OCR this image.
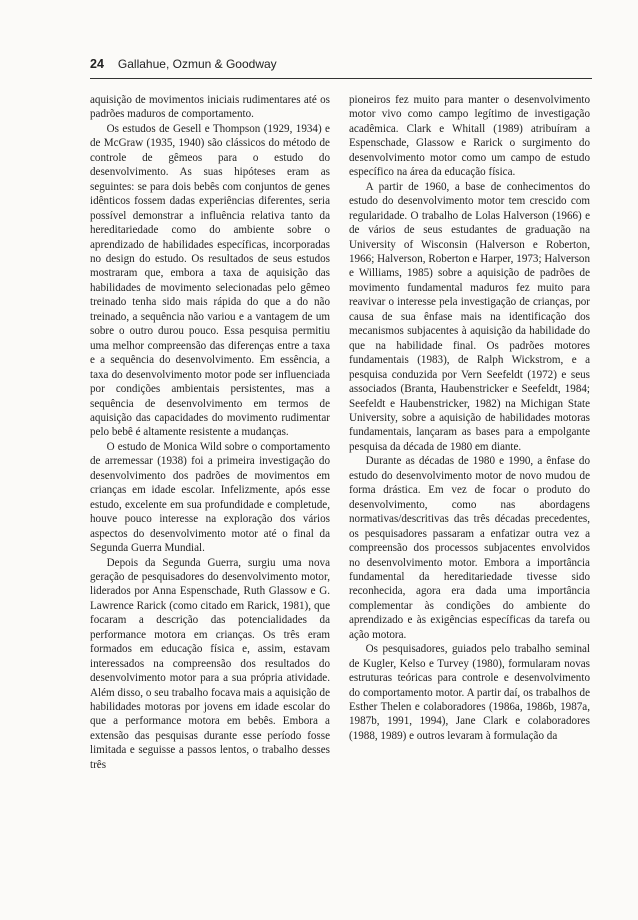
24 Gallahue, Ozmun & Goodway

aquisição de movimentos iniciais rudimentares até os padrões maduros de comportamento.

Os estudos de Gesell e Thompson (1929, 1934) e de McGraw (1935, 1940) são clássicos do método de controle de gêmeos para o estudo do desenvolvimento. As suas hipóteses eram as seguintes: se para dois bebês com conjuntos de genes idênticos fossem dadas experiências diferentes, seria possível demonstrar a influência relativa tanto da hereditariedade como do ambiente sobre o aprendizado de habilidades específicas, incorporadas no design do estudo. Os resultados de seus estudos mostraram que, embora a taxa de aquisição das habilidades de movimento selecionadas pelo gêmeo treinado tenha sido mais rápida do que a do não treinado, a sequência não variou e a vantagem de um sobre o outro durou pouco. Essa pesquisa permitiu uma melhor compreensão das diferenças entre a taxa e a sequência do desenvolvimento. Em essência, a taxa do desenvolvimento motor pode ser influenciada por condições ambientais persistentes, mas a sequência de desenvolvimento em termos de aquisição das capacidades do movimento rudimentar pelo bebê é altamente resistente a mudanças.

O estudo de Monica Wild sobre o comportamento de arremessar (1938) foi a primeira investigação do desenvolvimento dos padrões de movimentos em crianças em idade escolar. Infelizmente, após esse estudo, excelente em sua profundidade e completude, houve pouco interesse na exploração dos vários aspectos do desenvolvimento motor até o final da Segunda Guerra Mundial.

Depois da Segunda Guerra, surgiu uma nova geração de pesquisadores do desenvolvimento motor, liderados por Anna Espenschade, Ruth Glassow e G. Lawrence Rarick (como citado em Rarick, 1981), que focaram a descrição das potencialidades da performance motora em crianças. Os três eram formados em educação física e, assim, estavam interessados na compreensão dos resultados do desenvolvimento motor para a sua própria atividade. Além disso, o seu trabalho focava mais a aquisição de habilidades motoras por jovens em idade escolar do que a performance motora em bebês. Embora a extensão das pesquisas durante esse período fosse limitada e seguisse a passos lentos, o trabalho desses três

pioneiros fez muito para manter o desenvolvimento motor vivo como campo legítimo de investigação acadêmica. Clark e Whitall (1989) atribuíram a Espenschade, Glassow e Rarick o surgimento do desenvolvimento motor como um campo de estudo específico na área da educação física.

A partir de 1960, a base de conhecimentos do estudo do desenvolvimento motor tem crescido com regularidade. O trabalho de Lolas Halverson (1966) e de vários de seus estudantes de graduação na University of Wisconsin (Halverson e Roberton, 1966; Halverson, Roberton e Harper, 1973; Halverson e Williams, 1985) sobre a aquisição de padrões de movimento fundamental maduros fez muito para reavivar o interesse pela investigação de crianças, por causa de sua ênfase mais na identificação dos mecanismos subjacentes à aquisição da habilidade do que na habilidade final. Os padrões motores fundamentais (1983), de Ralph Wickstrom, e a pesquisa conduzida por Vern Seefeldt (1972) e seus associados (Branta, Haubenstricker e Seefeldt, 1984; Seefeldt e Haubenstricker, 1982) na Michigan State University, sobre a aquisição de habilidades motoras fundamentais, lançaram as bases para a empolgante pesquisa da década de 1980 em diante.

Durante as décadas de 1980 e 1990, a ênfase do estudo do desenvolvimento motor de novo mudou de forma drástica. Em vez de focar o produto do desenvolvimento, como nas abordagens normativas/descritivas das três décadas precedentes, os pesquisadores passaram a enfatizar outra vez a compreensão dos processos subjacentes envolvidos no desenvolvimento motor. Embora a importância fundamental da hereditariedade tivesse sido reconhecida, agora era dada uma importância complementar às condições do ambiente do aprendizado e às exigências específicas da tarefa ou ação motora.

Os pesquisadores, guiados pelo trabalho seminal de Kugler, Kelso e Turvey (1980), formularam novas estruturas teóricas para controle e desenvolvimento do comportamento motor. A partir daí, os trabalhos de Esther Thelen e colaboradores (1986a, 1986b, 1987a, 1987b, 1991, 1994), Jane Clark e colaboradores (1988, 1989) e outros levaram à formulação da
